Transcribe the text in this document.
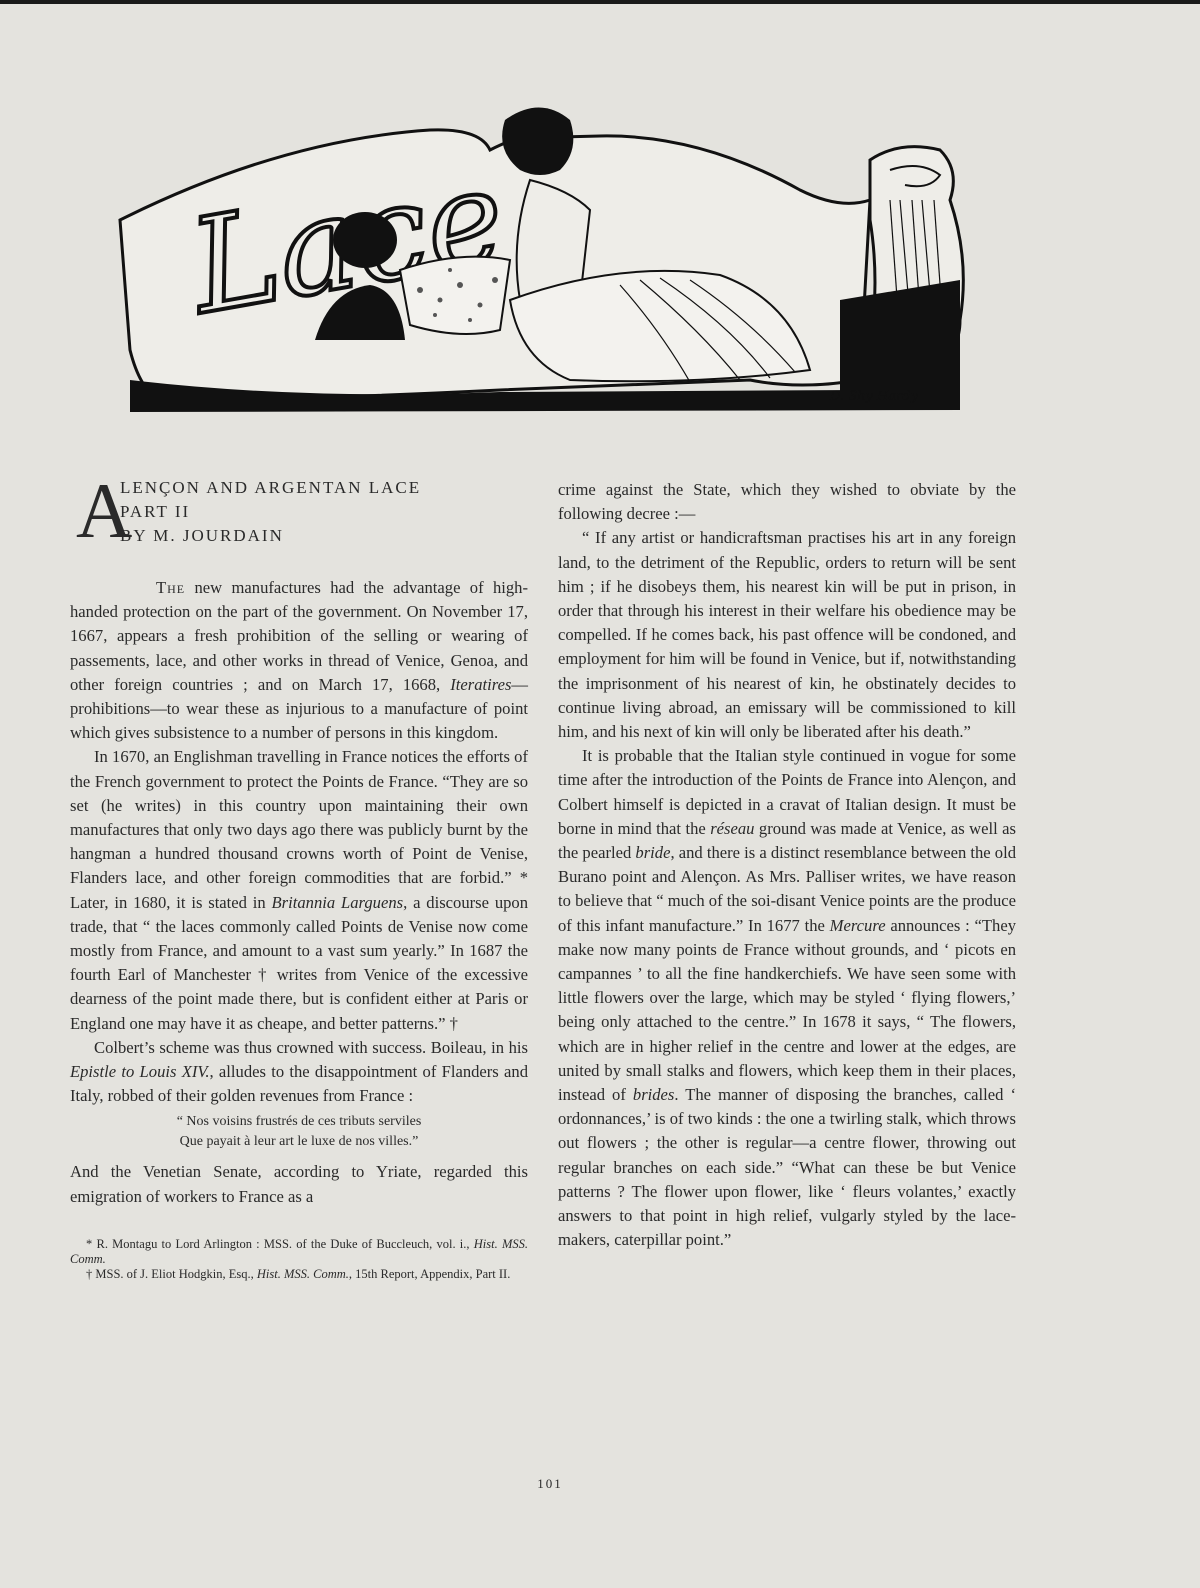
D. Shy Hardy
A
LENÇON AND ARGENTAN LACE
PART II
BY M. JOURDAIN

The new manufactures had the advantage of high-handed protection on the part of the government. On November 17, 1667, appears a fresh prohibition of the selling or wearing of passements, lace, and other works in thread of Venice, Genoa, and other foreign countries ; and on March 17, 1668, Iteratires—prohibitions—to wear these as injurious to a manufacture of point which gives subsistence to a number of persons in this kingdom.

In 1670, an Englishman travelling in France notices the efforts of the French government to protect the Points de France. “They are so set (he writes) in this country upon maintaining their own manufactures that only two days ago there was publicly burnt by the hangman a hundred thousand crowns worth of Point de Venise, Flanders lace, and other foreign commodities that are forbid.” * Later, in 1680, it is stated in Britannia Larguens, a discourse upon trade, that “ the laces commonly called Points de Venise now come mostly from France, and amount to a vast sum yearly.” In 1687 the fourth Earl of Manchester † writes from Venice of the excessive dearness of the point made there, but is confident either at Paris or England one may have it as cheape, and better patterns.” †

Colbert’s scheme was thus crowned with success. Boileau, in his Epistle to Louis XIV., alludes to the disappointment of Flanders and Italy, robbed of their golden revenues from France :

“ Nos voisins frustrés de ces tributs serviles
Que payait à leur art le luxe de nos villes.”

And the Venetian Senate, according to Yriate, regarded this emigration of workers to France as a

* R. Montagu to Lord Arlington : MSS. of the Duke of Buccleuch, vol. i., Hist. MSS. Comm.

† MSS. of J. Eliot Hodgkin, Esq., Hist. MSS. Comm., 15th Report, Appendix, Part II.

crime against the State, which they wished to obviate by the following decree :—

“ If any artist or handicraftsman practises his art in any foreign land, to the detriment of the Republic, orders to return will be sent him ; if he disobeys them, his nearest kin will be put in prison, in order that through his interest in their welfare his obedience may be compelled. If he comes back, his past offence will be condoned, and employment for him will be found in Venice, but if, notwithstanding the imprisonment of his nearest of kin, he obstinately decides to continue living abroad, an emissary will be commissioned to kill him, and his next of kin will only be liberated after his death.”

It is probable that the Italian style continued in vogue for some time after the introduction of the Points de France into Alençon, and Colbert himself is depicted in a cravat of Italian design. It must be borne in mind that the réseau ground was made at Venice, as well as the pearled bride, and there is a distinct resemblance between the old Burano point and Alençon. As Mrs. Palliser writes, we have reason to believe that “ much of the soi-disant Venice points are the produce of this infant manufacture.” In 1677 the Mercure announces : “They make now many points de France without grounds, and ‘ picots en campannes ’ to all the fine handkerchiefs. We have seen some with little flowers over the large, which may be styled ‘ flying flowers,’ being only attached to the centre.” In 1678 it says, “ The flowers, which are in higher relief in the centre and lower at the edges, are united by small stalks and flowers, which keep them in their places, instead of brides. The manner of disposing the branches, called ‘ ordonnances,’ is of two kinds : the one a twirling stalk, which throws out flowers ; the other is regular—a centre flower, throwing out regular branches on each side.” “What can these be but Venice patterns ? The flower upon flower, like ‘ fleurs volantes,’ exactly answers to that point in high relief, vulgarly styled by the lace-makers, caterpillar point.”

101
